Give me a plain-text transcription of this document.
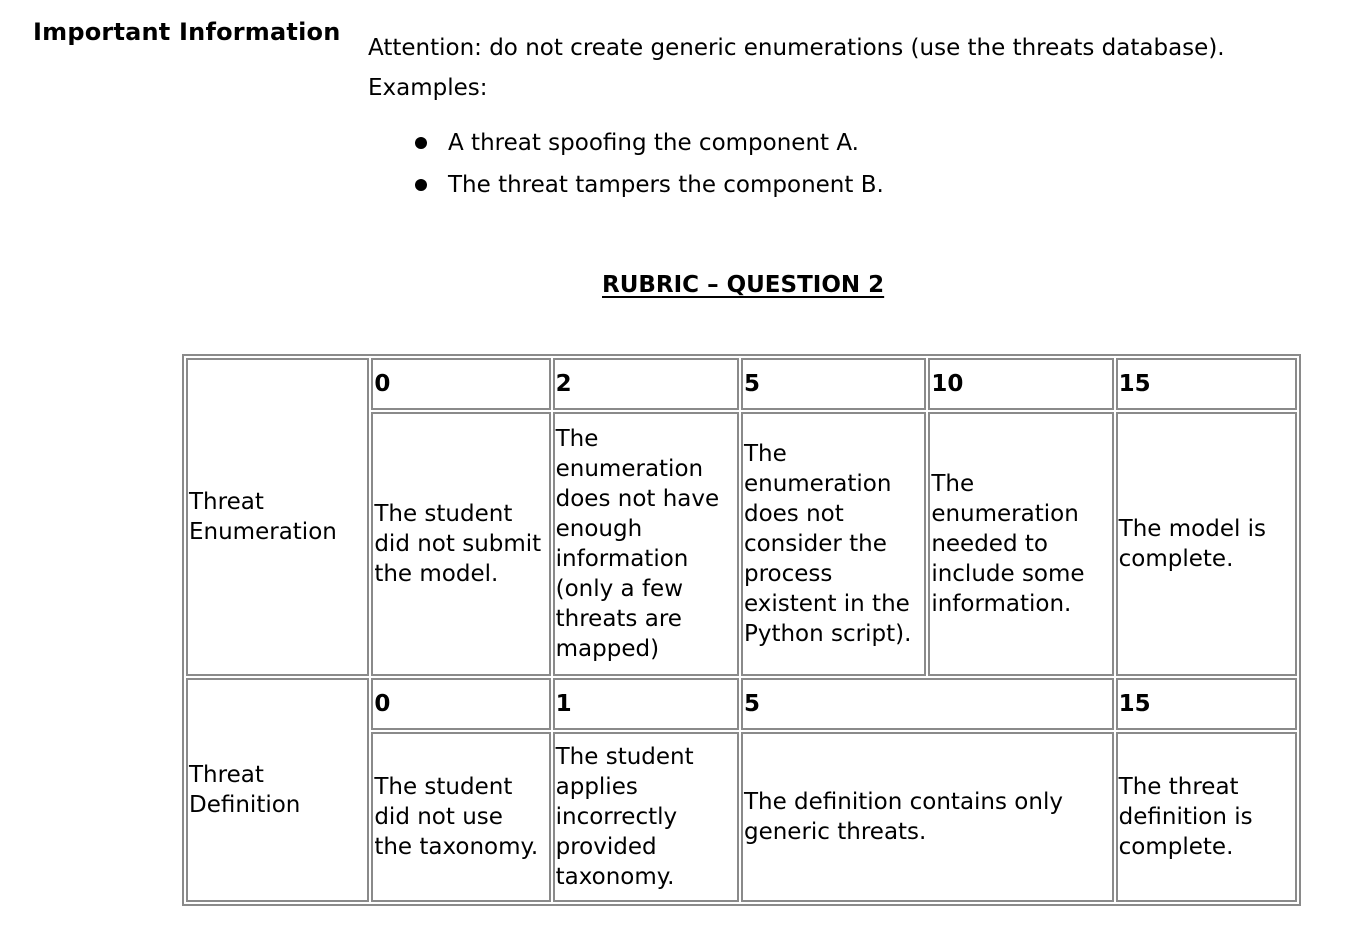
Important Information

Attention: do not create generic enumerations (use the threats database).

Examples:

A threat spoofing the component A.
The threat tampers the component B.
RUBRIC – QUESTION 2
Threat Enumeration	0	2	5	10	15
	The student did not submit the model.	The enumeration does not have enough information (only a few threats are mapped)	The enumeration does not consider the process existent in the Python script).	The enumeration needed to include some information.	The model is complete.
Threat Definition	0	1	5		15
	The student did not use the taxonomy.	The student applies incorrectly provided taxonomy.	The definition contains only generic threats.		The threat definition is complete.
